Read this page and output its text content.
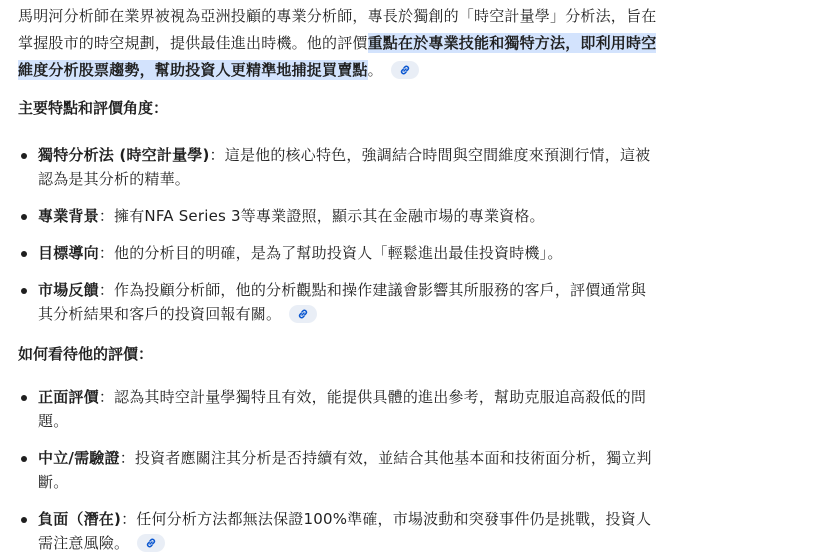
馬明河分析師在業界被視為亞洲投顧的專業分析師，專長於獨創的「時空計量學」分析法，旨在掌握股市的時空規劃，提供最佳進出時機。他的評價重點在於專業技能和獨特方法，即利用時空維度分析股票趨勢，幫助投資人更精準地捕捉買賣點。

主要特點和評價角度：
獨特分析法 (時空計量學)：這是他的核心特色，強調結合時間與空間維度來預測行情，這被認為是其分析的精華。
專業背景：擁有NFA Series 3等專業證照，顯示其在金融市場的專業資格。
目標導向：他的分析目的明確，是為了幫助投資人「輕鬆進出最佳投資時機」。
市場反饋：作為投顧分析師，他的分析觀點和操作建議會影響其所服務的客戶，評價通常與其分析結果和客戶的投資回報有關。
如何看待他的評價：
正面評價：認為其時空計量學獨特且有效，能提供具體的進出參考，幫助克服追高殺低的問題。
中立/需驗證：投資者應關注其分析是否持續有效，並結合其他基本面和技術面分析，獨立判斷。
負面（潛在)：任何分析方法都無法保證100%準確，市場波動和突發事件仍是挑戰，投資人需注意風險。
